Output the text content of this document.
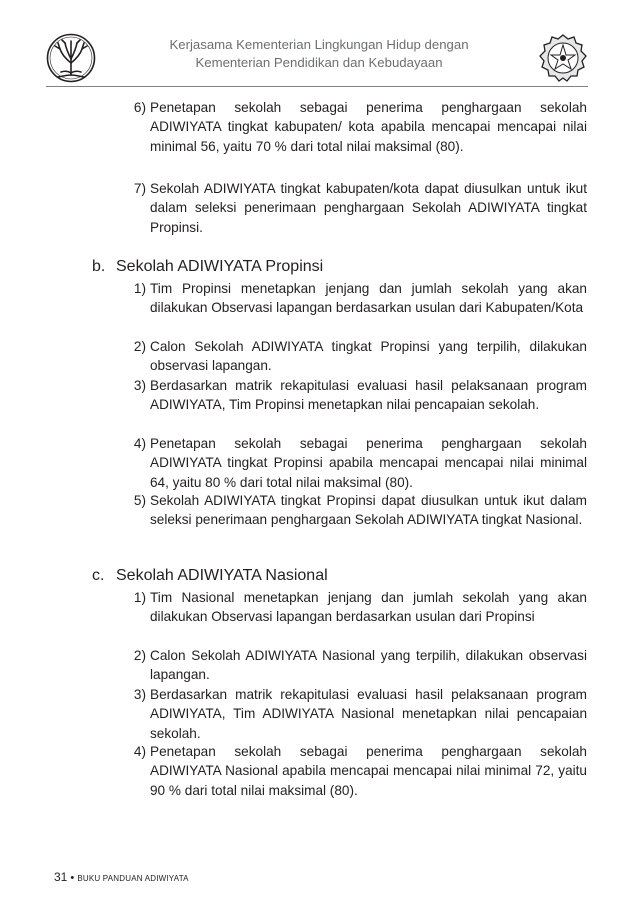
Kerjasama Kementerian Lingkungan Hidup dengan
Kementerian Pendidikan dan Kebudayaan
6) Penetapan sekolah sebagai penerima penghargaan sekolah ADIWIYATA tingkat kabupaten/ kota apabila mencapai mencapai nilai minimal 56, yaitu 70 % dari total nilai maksimal (80).
7) Sekolah ADIWIYATA tingkat kabupaten/kota dapat diusulkan untuk ikut dalam seleksi penerimaan penghargaan Sekolah ADIWIYATA tingkat Propinsi.
b. Sekolah ADIWIYATA Propinsi
1) Tim Propinsi menetapkan jenjang dan jumlah sekolah yang akan dilakukan Observasi lapangan berdasarkan usulan dari Kabupaten/Kota
2) Calon Sekolah ADIWIYATA tingkat Propinsi yang terpilih, dilakukan observasi lapangan.
3) Berdasarkan matrik rekapitulasi evaluasi hasil pelaksanaan program ADIWIYATA, Tim Propinsi menetapkan nilai pencapaian sekolah.
4) Penetapan sekolah sebagai penerima penghargaan sekolah ADIWIYATA tingkat Propinsi apabila mencapai mencapai nilai minimal 64, yaitu 80 % dari total nilai maksimal (80).
5) Sekolah ADIWIYATA tingkat Propinsi dapat diusulkan untuk ikut dalam seleksi penerimaan penghargaan Sekolah ADIWIYATA tingkat Nasional.
c. Sekolah ADIWIYATA Nasional
1) Tim Nasional menetapkan jenjang dan jumlah sekolah yang akan dilakukan Observasi lapangan berdasarkan usulan dari Propinsi
2) Calon Sekolah ADIWIYATA Nasional yang terpilih, dilakukan observasi lapangan.
3) Berdasarkan matrik rekapitulasi evaluasi hasil pelaksanaan program ADIWIYATA, Tim ADIWIYATA Nasional menetapkan nilai pencapaian sekolah.
4) Penetapan sekolah sebagai penerima penghargaan sekolah ADIWIYATA Nasional apabila mencapai mencapai nilai minimal 72, yaitu 90 % dari total nilai maksimal (80).
31 • BUKU PANDUAN ADIWIYATA
